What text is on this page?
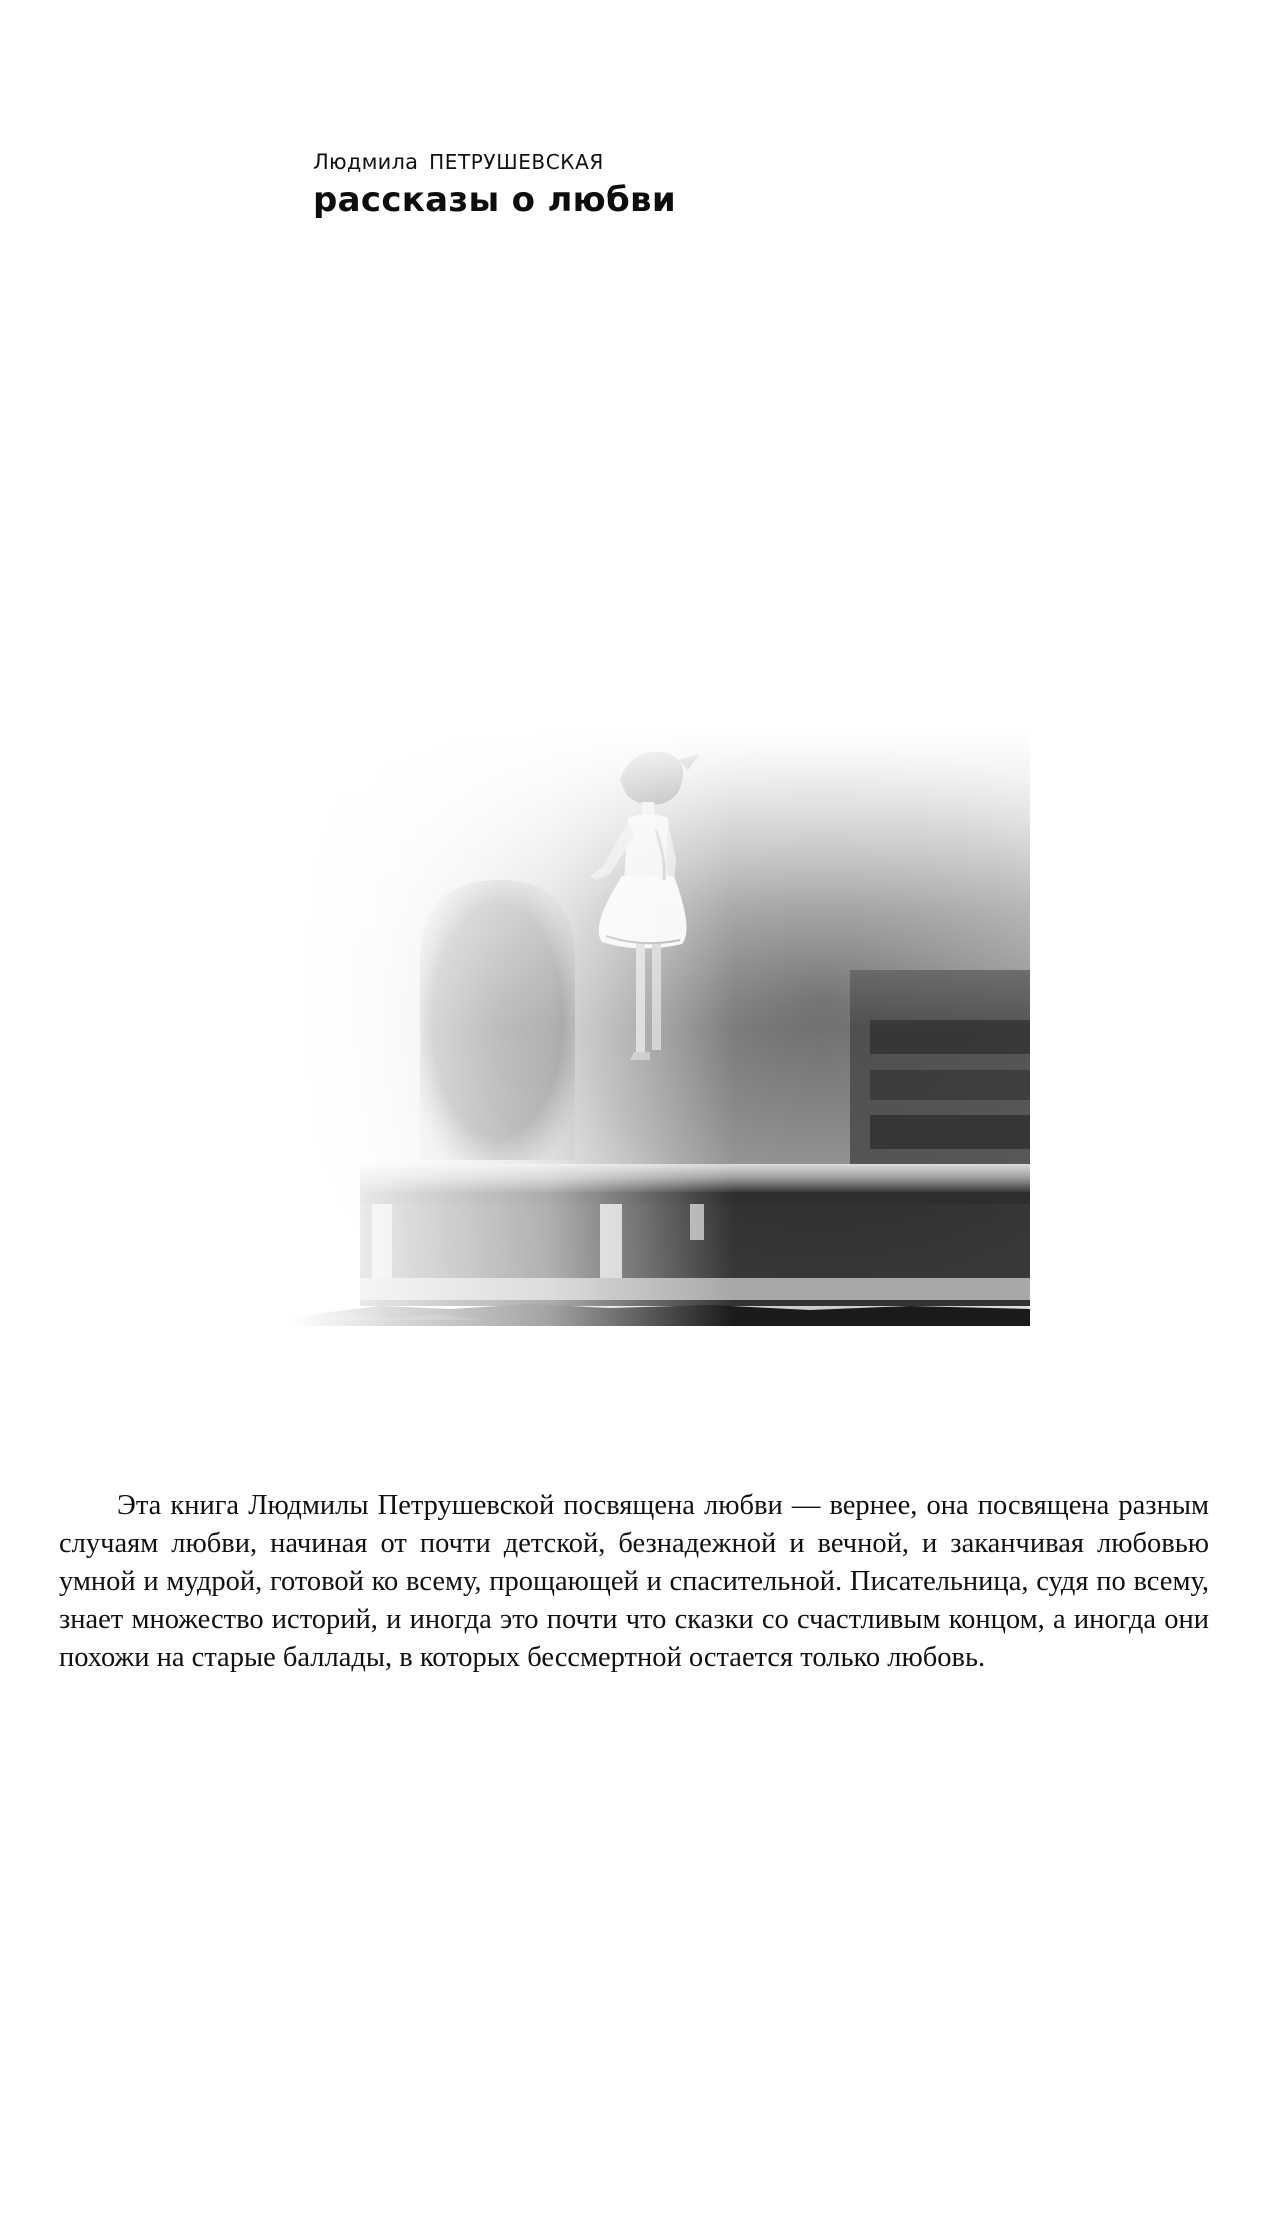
Людмила ПЕТРУШЕВСКАЯ
рассказы о любви

Эта книга Людмилы Петрушевской посвящена любви — вернее, она посвящена разным случаям любви, начиная от почти детской, безнадежной и вечной, и заканчивая любовью умной и мудрой, готовой ко всему, прощающей и спасительной. Писательница, судя по всему, знает множество историй, и иногда это почти что сказки со счастливым концом, а иногда они похожи на старые баллады, в которых бессмертной остается только любовь.
